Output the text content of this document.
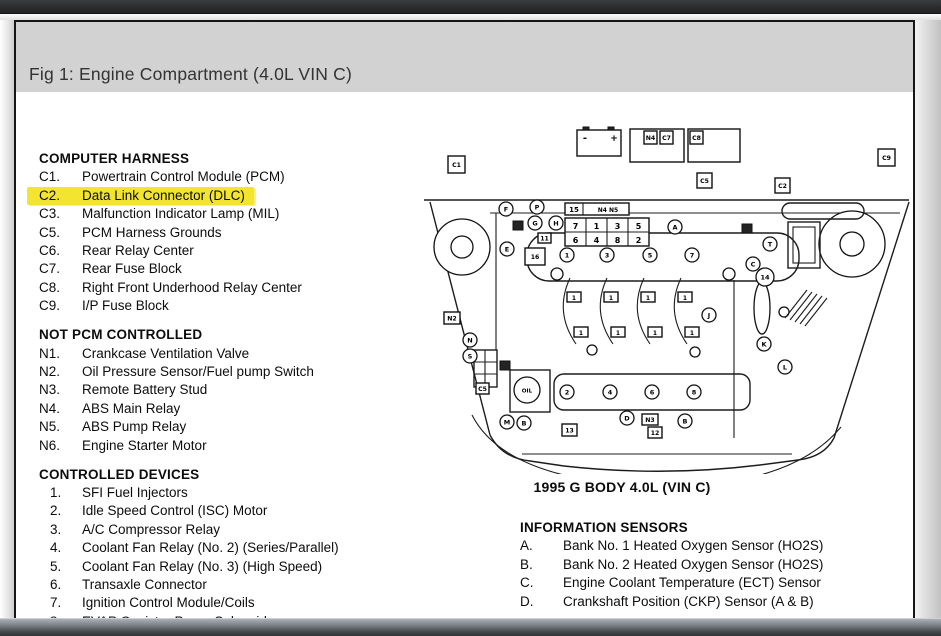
Fig 1: Engine Compartment (4.0L VIN C)
COMPUTER HARNESS
C1.	Powertrain Control Module (PCM)
C2.	Data Link Connector (DLC)
C3.	Malfunction Indicator Lamp (MIL)
C5.	PCM Harness Grounds
C6.	Rear Relay Center
C7.	Rear Fuse Block
C8.	Right Front Underhood Relay Center
C9.	I/P Fuse Block
NOT PCM CONTROLLED
N1.	Crankcase Ventilation Valve
N2.	Oil Pressure Sensor/Fuel pump Switch
N3.	Remote Battery Stud
N4.	ABS Main Relay
N5.	ABS Pump Relay
N6.	Engine Starter Motor
CONTROLLED DEVICES
1.	SFI Fuel Injectors
2.	Idle Speed Control (ISC) Motor
3.	A/C Compressor Relay
4.	Coolant Fan Relay (No. 2) (Series/Parallel)
5.	Coolant Fan Relay (No. 3) (High Speed)
6.	Transaxle Connector
7.	Ignition Control Module/Coils
C1
C9
C5
C2
N4 C7	C8
11
16
N2
C5
13
N3
12
F	P
G H
E
A
J
T
C
14
K
L
N
S
M B
D	B
OIL
1	3	5	7
2	4	6	8
1	1	1	1
1	1	1	1
15	N4 N5
7 1 3 5
6 4 8 2
-	+
1995 G BODY 4.0L (VIN C)
INFORMATION SENSORS
A.	Bank No. 1 Heated Oxygen Sensor (HO2S)
B.	Bank No. 2 Heated Oxygen Sensor (HO2S)
C.	Engine Coolant Temperature (ECT) Sensor
D.	Crankshaft Position (CKP) Sensor (A & B)
